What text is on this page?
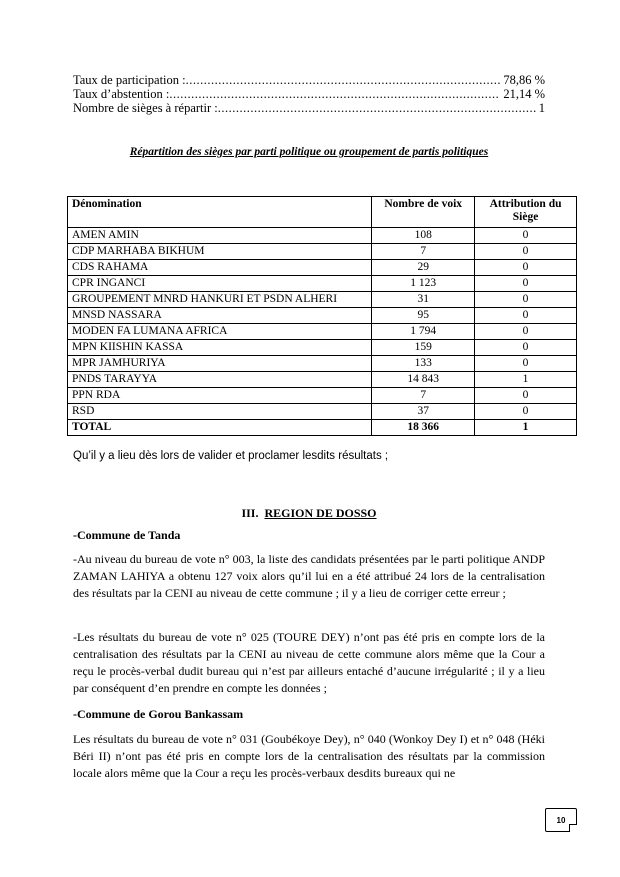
Taux de participation : .....	78,86 %
Taux d’abstention : .....	21,14 %
Nombre de sièges à répartir : .....	1
Répartition des sièges par parti politique ou groupement de partis politiques
Dénomination	Nombre de voix	Attribution du Siège
AMEN AMIN	108	0
CDP MARHABA BIKHUM	7	0
CDS RAHAMA	29	0
CPR INGANCI	1 123	0
GROUPEMENT MNRD HANKURI ET PSDN ALHERI	31	0
MNSD NASSARA	95	0
MODEN FA LUMANA AFRICA	1 794	0
MPN KIISHIN KASSA	159	0
MPR JAMHURIYA	133	0
PNDS TARAYYA	14 843	1
PPN RDA	7	0
RSD	37	0
TOTAL	18 366	1
Qu’il y a lieu dès lors de valider et proclamer lesdits résultats ;
III. REGION DE DOSSO
-Commune de Tanda
-Au niveau du bureau de vote n° 003, la liste des candidats présentées par le parti politique ANDP ZAMAN LAHIYA a obtenu 127 voix alors qu’il lui en a été attribué 24 lors de la centralisation des résultats par la CENI au niveau de cette commune ; il y a lieu de corriger cette erreur ;
-Les résultats du bureau de vote n° 025 (TOURE DEY) n’ont pas été pris en compte lors de la centralisation des résultats par la CENI au niveau de cette commune alors même que la Cour a reçu le procès-verbal dudit bureau qui n’est par ailleurs entaché d’aucune irrégularité ; il y a lieu par conséquent d’en prendre en compte les données ;
-Commune de Gorou Bankassam
Les résultats du bureau de vote n° 031 (Goubékoye Dey), n° 040 (Wonkoy Dey I) et n° 048 (Héki Béri II) n’ont pas été pris en compte lors de la centralisation des résultats par la commission locale alors même que la Cour a reçu les procès-verbaux desdits bureaux qui ne
10
